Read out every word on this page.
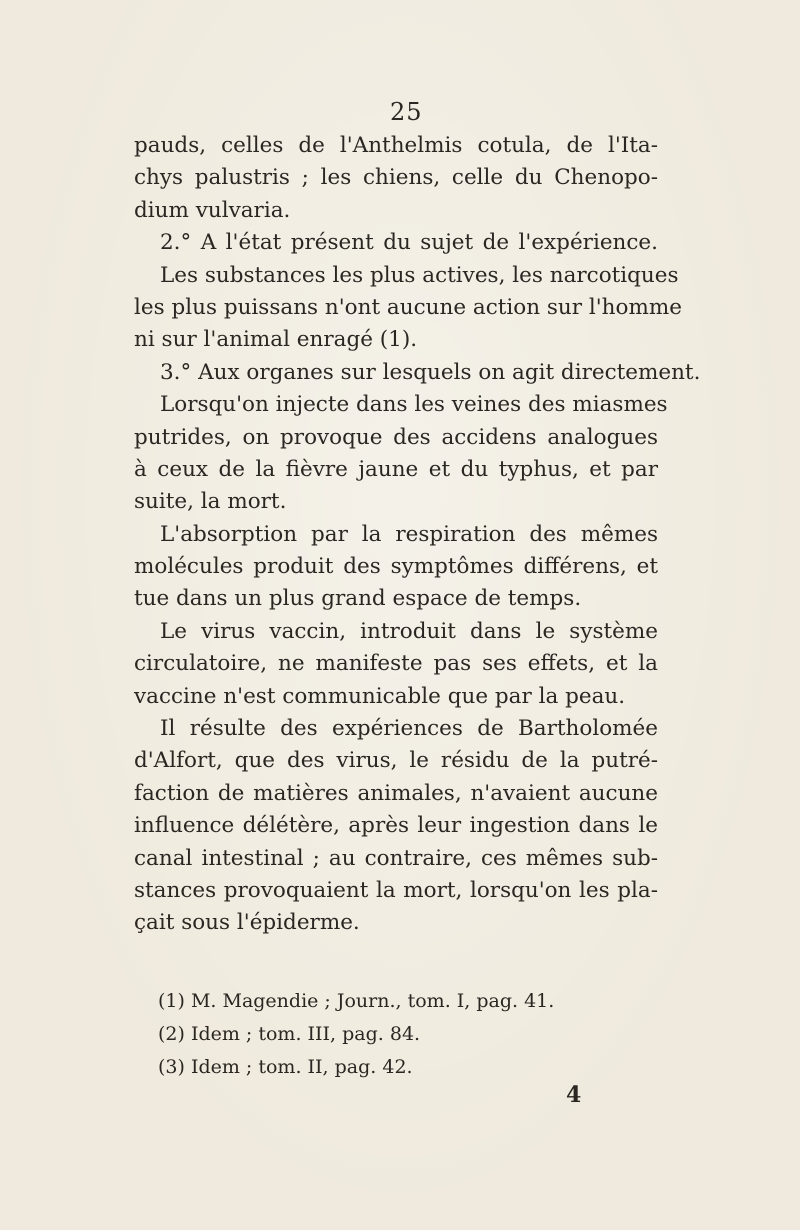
25
pauds, celles de l'Anthelmis cotula, de l'Ita-
chys palustris ; les chiens, celle du Chenopo-
dium vulvaria.
2.° A l'état présent du sujet de l'expérience.
Les substances les plus actives, les narcotiques
les plus puissans n'ont aucune action sur l'homme
ni sur l'animal enragé (1).
3.° Aux organes sur lesquels on agit directement.
Lorsqu'on injecte dans les veines des miasmes
putrides, on provoque des accidens analogues
à ceux de la fièvre jaune et du typhus, et par
suite, la mort.
L'absorption par la respiration des mêmes
molécules produit des symptômes différens, et
tue dans un plus grand espace de temps.
Le virus vaccin, introduit dans le système
circulatoire, ne manifeste pas ses effets, et la
vaccine n'est communicable que par la peau.
Il résulte des expériences de Bartholomée
d'Alfort, que des virus, le résidu de la putré-
faction de matières animales, n'avaient aucune
influence délétère, après leur ingestion dans le
canal intestinal ; au contraire, ces mêmes sub-
stances provoquaient la mort, lorsqu'on les pla-
çait sous l'épiderme.
(1) M. Magendie ; Journ., tom. I, pag. 41.
(2) Idem ; tom. III, pag. 84.
(3) Idem ; tom. II, pag. 42.
4
